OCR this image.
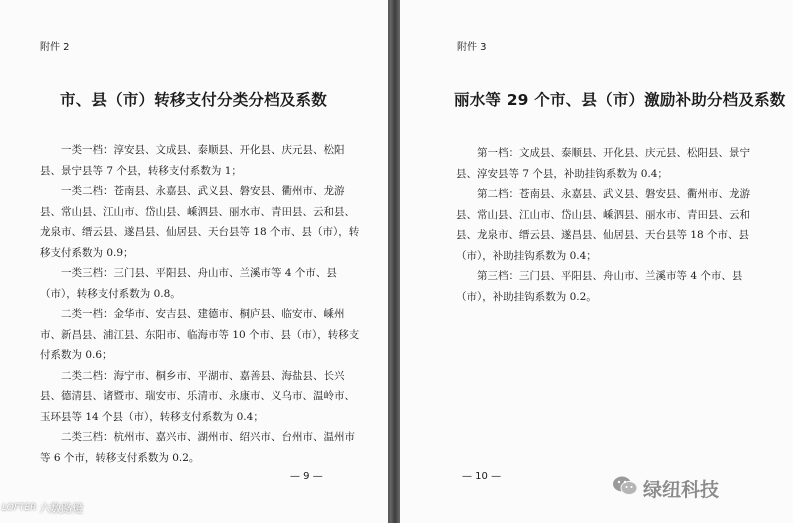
附件 2
市、县（市）转移支付分类分档及系数

一类一档：淳安县、文成县、泰顺县、开化县、庆元县、松阳县、景宁县等 7 个县，转移支付系数为 1；

一类二档：苍南县、永嘉县、武义县、磐安县、衢州市、龙游县、常山县、江山市、岱山县、嵊泗县、丽水市、青田县、云和县、龙泉市、缙云县、遂昌县、仙居县、天台县等 18 个市、县（市），转移支付系数为 0.9；

一类三档：三门县、平阳县、舟山市、兰溪市等 4 个市、县（市），转移支付系数为 0.8。

二类一档：金华市、安吉县、建德市、桐庐县、临安市、嵊州市、新昌县、浦江县、东阳市、临海市等 10 个市、县（市），转移支付系数为 0.6；

二类二档：海宁市、桐乡市、平湖市、嘉善县、海盐县、长兴县、德清县、诸暨市、瑞安市、乐清市、永康市、义乌市、温岭市、玉环县等 14 个县（市），转移支付系数为 0.4；

二类三档：杭州市、嘉兴市、湖州市、绍兴市、台州市、温州市等 6 个市，转移支付系数为 0.2。

— 9 —
附件 3
丽水等 29 个市、县（市）激励补助分档及系数

第一档：文成县、泰顺县、开化县、庆元县、松阳县、景宁县、淳安县等 7 个县，补助挂钩系数为 0.4；

第二档：苍南县、永嘉县、武义县、磐安县、衢州市、龙游县、常山县、江山市、岱山县、嵊泗县、丽水市、青田县、云和县、龙泉市、缙云县、遂昌县、仙居县、天台县等 18 个市、县（市），补助挂钩系数为 0.4；

第三档：三门县、平阳县、舟山市、兰溪市等 4 个市、县（市），补助挂钩系数为 0.2。

— 10 —
LOFTER 六数路燈
绿纽科技
